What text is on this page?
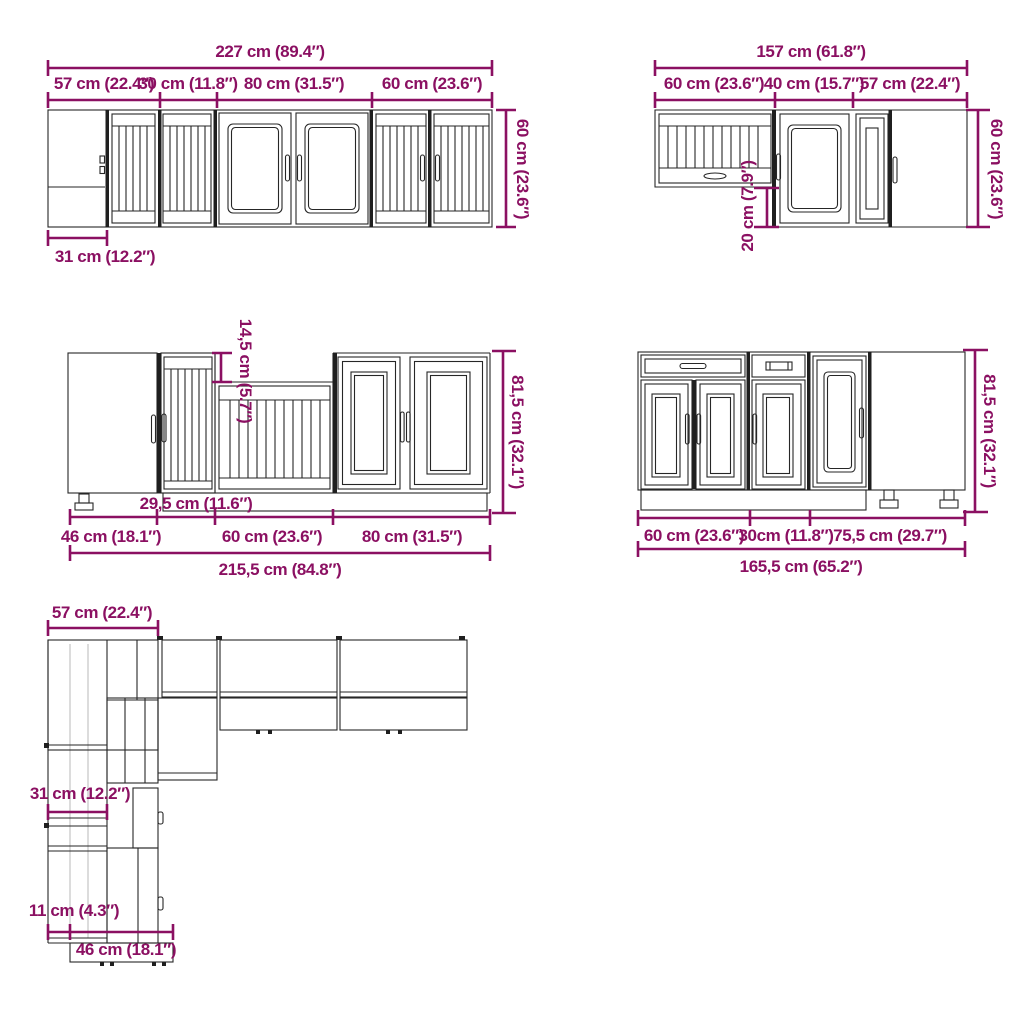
227 cm (89.4″)
57 cm (22.4″)
30 cm (11.8″) 80 cm (31.5″) 60 cm (23.6″)
60 cm (23.6″)
31 cm (12.2″)
157 cm (61.8″)
60 cm (23.6″) 40 cm (15.7″)
57 cm (22.4″)
60 cm (23.6″)
20 cm (7.9″)
14,5 cm (5.7″)
81,5 cm (32.1″)
29,5 cm (11.6″)
46 cm (18.1″)	60 cm (23.6″) 80 cm (31.5″)
215,5 cm (84.8″)
81,5 cm (32.1″)
60 cm (23.6″)
30cm (11.8″) 75,5 cm (29.7″)
165,5 cm (65.2″)
57 cm (22.4″)
31 cm (12.2″)
11 cm (4.3″)
46 cm (18.1″)
